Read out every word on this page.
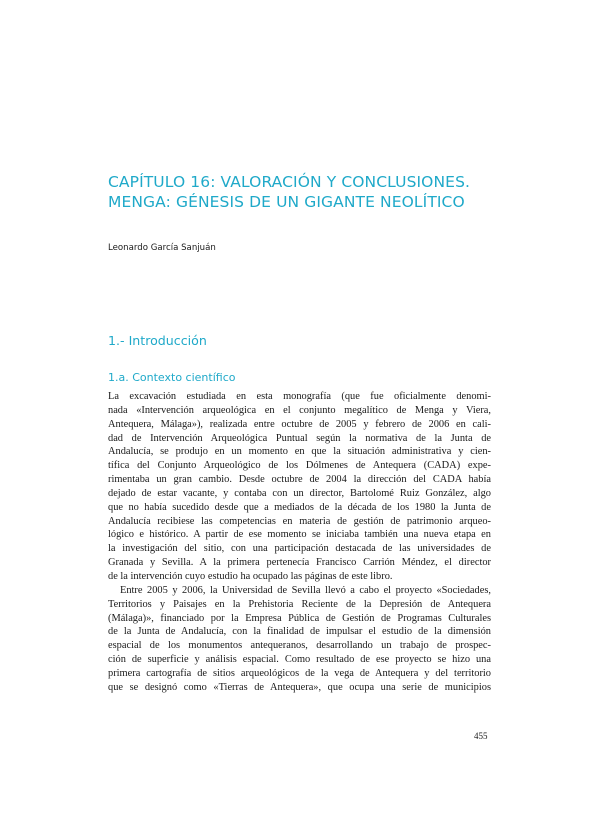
CAPÍTULO 16: VALORACIÓN Y CONCLUSIONES.
MENGA: GÉNESIS DE UN GIGANTE NEOLÍTICO

Leonardo García Sanjuán

1.- Introducción
1.a. Contexto científico
La excavación estudiada en esta monografía (que fue oficialmente denomi-
nada «Intervención arqueológica en el conjunto megalítico de Menga y Viera,
Antequera, Málaga»), realizada entre octubre de 2005 y febrero de 2006 en cali-
dad de Intervención Arqueológica Puntual según la normativa de la Junta de
Andalucía, se produjo en un momento en que la situación administrativa y cien-
tífica del Conjunto Arqueológico de los Dólmenes de Antequera (CADA) expe-
rimentaba un gran cambio. Desde octubre de 2004 la dirección del CADA había
dejado de estar vacante, y contaba con un director, Bartolomé Ruiz González, algo
que no había sucedido desde que a mediados de la década de los 1980 la Junta de
Andalucía recibiese las competencias en materia de gestión de patrimonio arqueo-
lógico e histórico. A partir de ese momento se iniciaba también una nueva etapa en
la investigación del sitio, con una participación destacada de las universidades de
Granada y Sevilla. A la primera pertenecía Francisco Carrión Méndez, el director
de la intervención cuyo estudio ha ocupado las páginas de este libro.
Entre 2005 y 2006, la Universidad de Sevilla llevó a cabo el proyecto «Sociedades,
Territorios y Paisajes en la Prehistoria Reciente de la Depresión de Antequera
(Málaga)», financiado por la Empresa Pública de Gestión de Programas Culturales
de la Junta de Andalucía, con la finalidad de impulsar el estudio de la dimensión
espacial de los monumentos antequeranos, desarrollando un trabajo de prospec-
ción de superficie y análisis espacial. Como resultado de ese proyecto se hizo una
primera cartografía de sitios arqueológicos de la vega de Antequera y del territorio
que se designó como «Tierras de Antequera», que ocupa una serie de municipios

455
